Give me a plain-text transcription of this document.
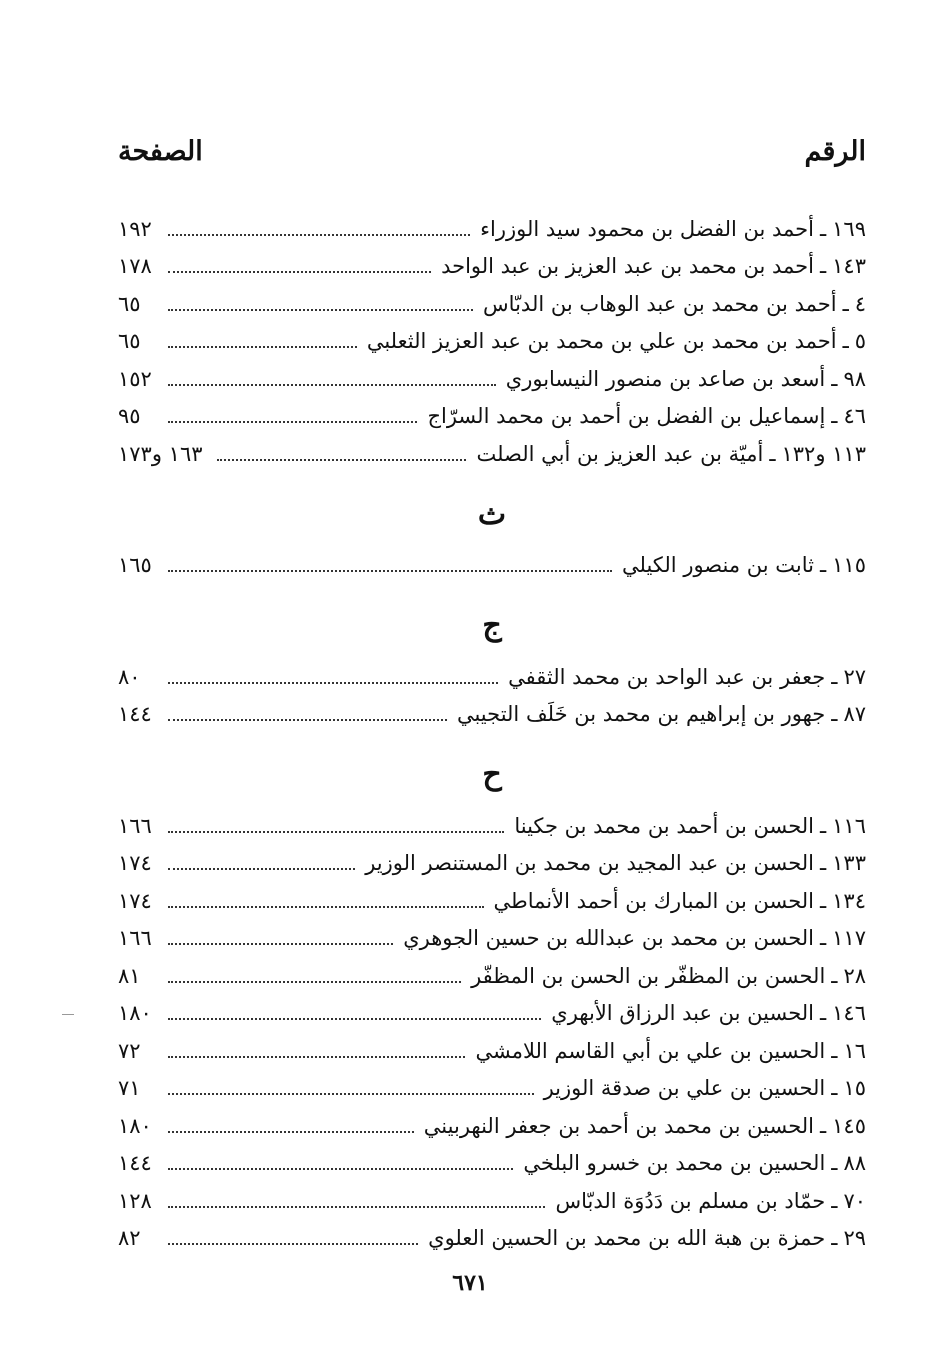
الرقم
الصفحة
١٦٩
ـ
أحمد بن الفضل بن محمود سيد الوزراء
١٩٢
١٤٣
ـ
أحمد بن محمد بن عبد العزيز بن عبد الواحد
١٧٨
٤
ـ
أحمد بن محمد بن عبد الوهاب بن الدبّاس
٦٥
٥
ـ
أحمد بن محمد بن علي بن محمد بن عبد العزيز الثعلبي
٦٥
٩٨
ـ
أسعد بن صاعد بن منصور النيسابوري
١٥٢
٤٦
ـ
إسماعيل بن الفضل بن أحمد بن محمد السرّاج
٩٥
١١٣ و١٣٢
ـ
أميّة بن عبد العزيز بن أبي الصلت
١٦٣ و١٧٣
ث
١١٥
ـ
ثابت بن منصور الكيلي
١٦٥
ج
٢٧
ـ
جعفر بن عبد الواحد بن محمد الثقفي
٨٠
٨٧
ـ
جهور بن إبراهيم بن محمد بن خَلَف التجيبي
١٤٤
ح
١١٦
ـ
الحسن بن أحمد بن محمد بن جكينا
١٦٦
١٣٣
ـ
الحسن بن عبد المجيد بن محمد بن المستنصر الوزير
١٧٤
١٣٤
ـ
الحسن بن المبارك بن أحمد الأنماطي
١٧٤
١١٧
ـ
الحسن بن محمد بن عبدالله بن حسين الجوهري
١٦٦
٢٨
ـ
الحسن بن المظفّر بن الحسن بن المظفّر
٨١
١٤٦
ـ
الحسين بن عبد الرزاق الأبهري
١٨٠
١٦
ـ
الحسين بن علي بن أبي القاسم اللامشي
٧٢
١٥
ـ
الحسين بن علي بن صدقة الوزير
٧١
١٤٥
ـ
الحسين بن محمد بن أحمد بن جعفر النهربيني
١٨٠
٨٨
ـ
الحسين بن محمد بن خسرو البلخي
١٤٤
٧٠
ـ
حمّاد بن مسلم بن دَدُوَة الدبّاس
١٢٨
٢٩
ـ
حمزة بن هبة الله بن محمد بن الحسين العلوي
٨٢
٦٧١
